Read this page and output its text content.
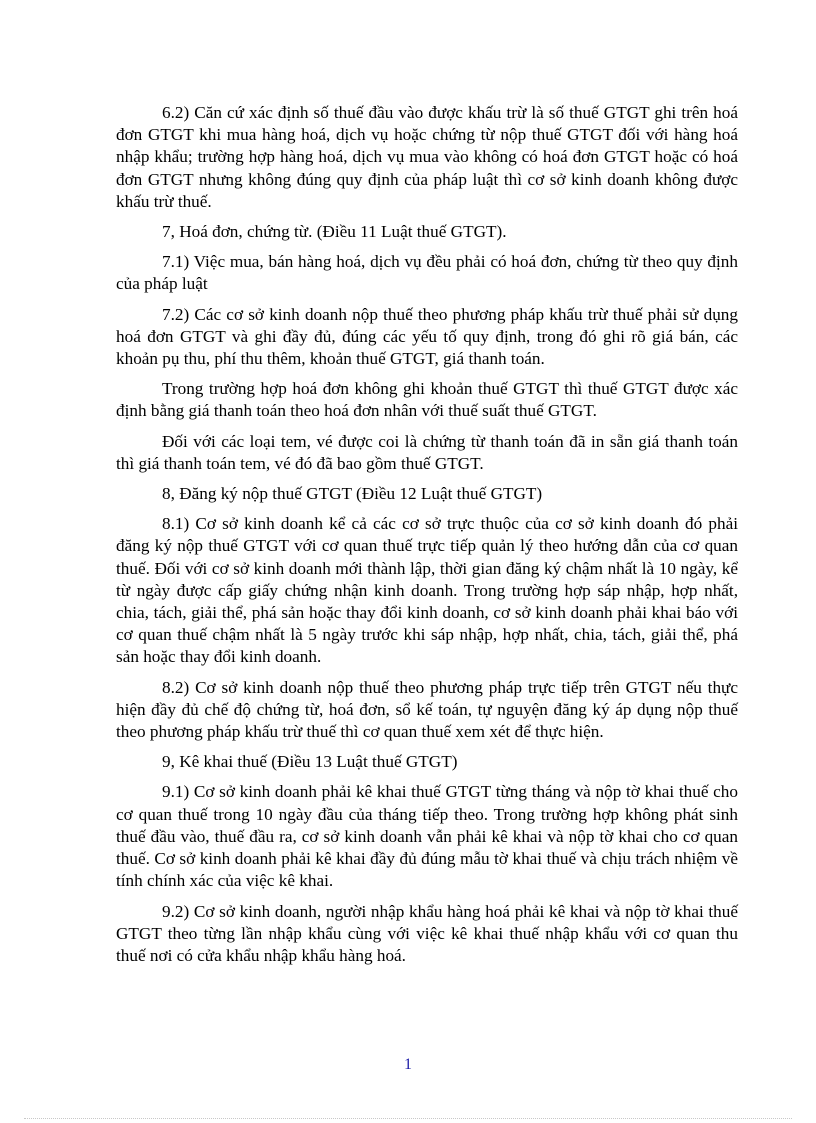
6.2) Căn cứ xác định số thuế đầu vào được khấu trừ là số thuế GTGT ghi trên hoá đơn GTGT khi mua hàng hoá, dịch vụ hoặc chứng từ nộp thuế GTGT đối với hàng hoá nhập khẩu; trường hợp hàng hoá, dịch vụ mua vào không có hoá đơn GTGT hoặc có hoá đơn GTGT nhưng không đúng quy định của pháp luật thì cơ sở kinh doanh không được khấu trừ thuế.

7, Hoá đơn, chứng từ. (Điều 11 Luật thuế GTGT).

7.1) Việc mua, bán hàng hoá, dịch vụ đều phải có hoá đơn, chứng từ theo quy định của pháp luật

7.2) Các cơ sở kinh doanh nộp thuế theo phương pháp khấu trừ thuế phải sử dụng hoá đơn GTGT và ghi đầy đủ, đúng các yếu tố quy định, trong đó ghi rõ giá bán, các khoản pụ thu, phí thu thêm, khoản thuế GTGT, giá thanh toán.

Trong trường hợp hoá đơn không ghi khoản thuế GTGT thì thuế GTGT được xác định bằng giá thanh toán theo hoá đơn nhân với thuế suất thuế GTGT.

Đối với các loại tem, vé được coi là chứng từ thanh toán đã in sẵn giá thanh toán thì giá thanh toán tem, vé đó đã bao gồm thuế GTGT.

8, Đăng ký nộp thuế GTGT (Điều 12 Luật thuế GTGT)

8.1) Cơ sở kinh doanh kể cả các cơ sở trực thuộc của cơ sở kinh doanh đó phải đăng ký nộp thuế GTGT với cơ quan thuế trực tiếp quản lý theo hướng dẫn của cơ quan thuế. Đối với cơ sở kinh doanh mới thành lập, thời gian đăng ký chậm nhất là 10 ngày, kể từ ngày được cấp giấy chứng nhận kinh doanh. Trong trường hợp sáp nhập, hợp nhất, chia, tách, giải thể, phá sản hoặc thay đổi kinh doanh, cơ sở kinh doanh phải khai báo với cơ quan thuế chậm nhất là 5 ngày trước khi sáp nhập, hợp nhất, chia, tách, giải thể, phá sản hoặc thay đổi kinh doanh.

8.2) Cơ sở kinh doanh nộp thuế theo phương pháp trực tiếp trên GTGT nếu thực hiện đầy đủ chế độ chứng từ, hoá đơn, sổ kế toán, tự nguyện đăng ký áp dụng nộp thuế theo phương pháp khấu trừ thuế thì cơ quan thuế xem xét để thực hiện.

9, Kê khai thuế (Điều 13 Luật thuế GTGT)

9.1) Cơ sở kinh doanh phải kê khai thuế GTGT từng tháng và nộp tờ khai thuế cho cơ quan thuế trong 10 ngày đầu của tháng tiếp theo. Trong trường hợp không phát sinh thuế đầu vào, thuế đầu ra, cơ sở kinh doanh vẫn phải kê khai và nộp tờ khai cho cơ quan thuế. Cơ sở kinh doanh phải kê khai đầy đủ đúng mẫu tờ khai thuế và chịu trách nhiệm về tính chính xác của việc kê khai.

9.2) Cơ sở kinh doanh, người nhập khẩu hàng hoá phải kê khai và nộp tờ khai thuế GTGT theo từng lần nhập khẩu cùng với việc kê khai thuế nhập khẩu với cơ quan thu thuế nơi có cửa khẩu nhập khẩu hàng hoá.

1
